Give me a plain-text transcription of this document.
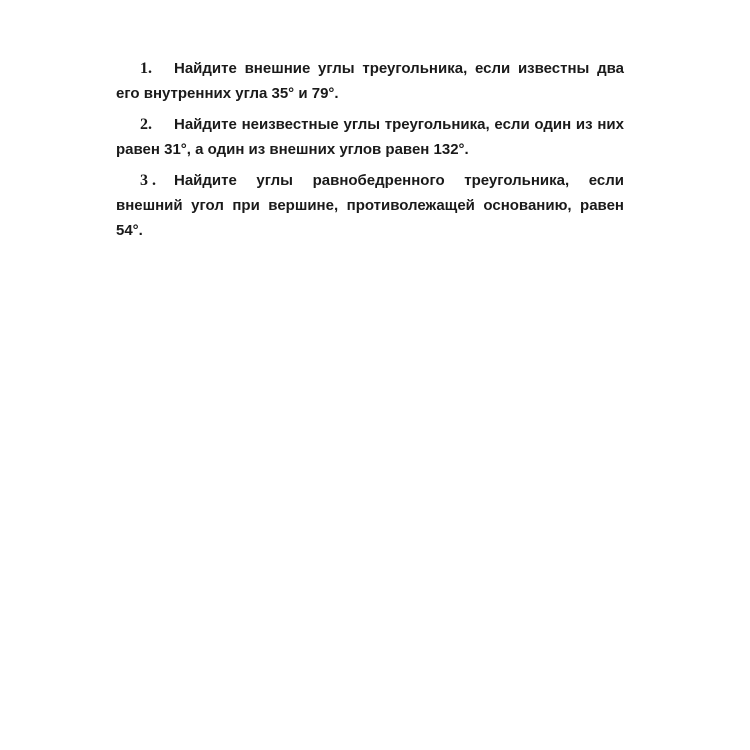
1. Найдите внешние углы треугольника, если известны два его внутренних угла 35° и 79°.

2. Найдите неизвестные углы треугольника, если один из них равен 31°, а один из внешних углов равен 132°.

3 . Найдите углы равнобедренного треугольника, если внешний угол при вершине, противолежащей основанию, равен 54°.
